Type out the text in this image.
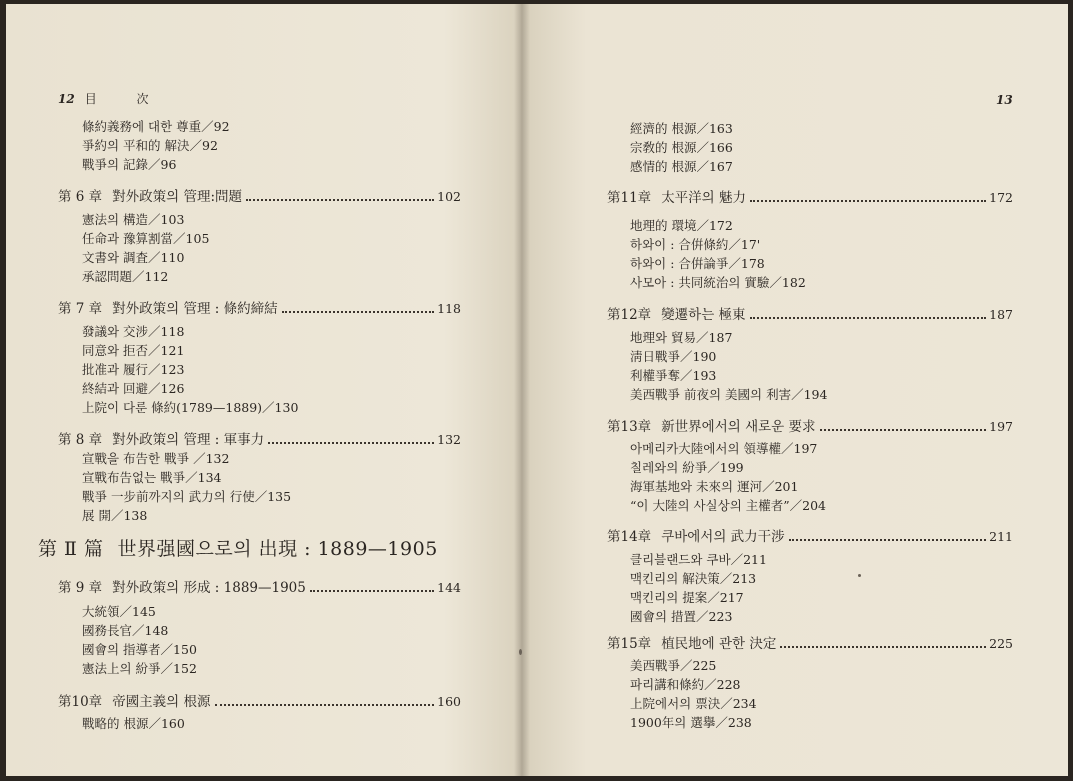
12 目 次
條約義務에 대한 尊重／92
爭約의 平和的 解決／92
戰爭의 記錄／96
第 6 章 對外政策의 管理:問題	102
憲法의 構造／103
任命과 豫算割當／105
文書와 調査／110
承認問題／112
第 7 章 對外政策의 管理 : 條約締結	118
發議와 交涉／118
同意와 拒否／121
批准과 履行／123
終結과 回避／126
上院이 다룬 條約(1789—1889)／130
第 8 章 對外政策의 管理 : 軍事力	132
宣戰을 布告한 戰爭 ／132
宣戰布告없는 戰爭／134
戰爭 一步前까지의 武力의 行使／135
展 開／138
第 Ⅱ 篇 世界强國으로의 出現 : 1889—1905
第 9 章 對外政策의 形成 : 1889—1905	144
大統領／145
國務長官／148
國會의 指導者／150
憲法上의 紛爭／152
第10章 帝國主義의 根源	160
戰略的 根源／160
13
經濟的 根源／163
宗敎的 根源／166
感情的 根源／167
第11章 太平洋의 魅力	172
地理的 環境／172
하와이 : 合倂條約／17'
하와이 : 合倂論爭／178
사모아 : 共同統治의 實驗／182
第12章 變遷하는 極東	187
地理와 貿易／187
淸日戰爭／190
利權爭奪／193
美西戰爭 前夜의 美國의 利害／194
第13章 新世界에서의 새로운 要求	197
아메리카大陸에서의 領導權／197
칠레와의 紛爭／199
海軍基地와 未來의 運河／201
“이 大陸의 사실상의 主權者”／204
第14章 쿠바에서의 武力干涉	211
클리블랜드와 쿠바／211
맥킨리의 解決策／213
맥킨리의 提案／217
國會의 措置／223
第15章 植民地에 관한 決定	225
美西戰爭／225
파리講和條約／228
上院에서의 票決／234
1900年의 選擧／238
